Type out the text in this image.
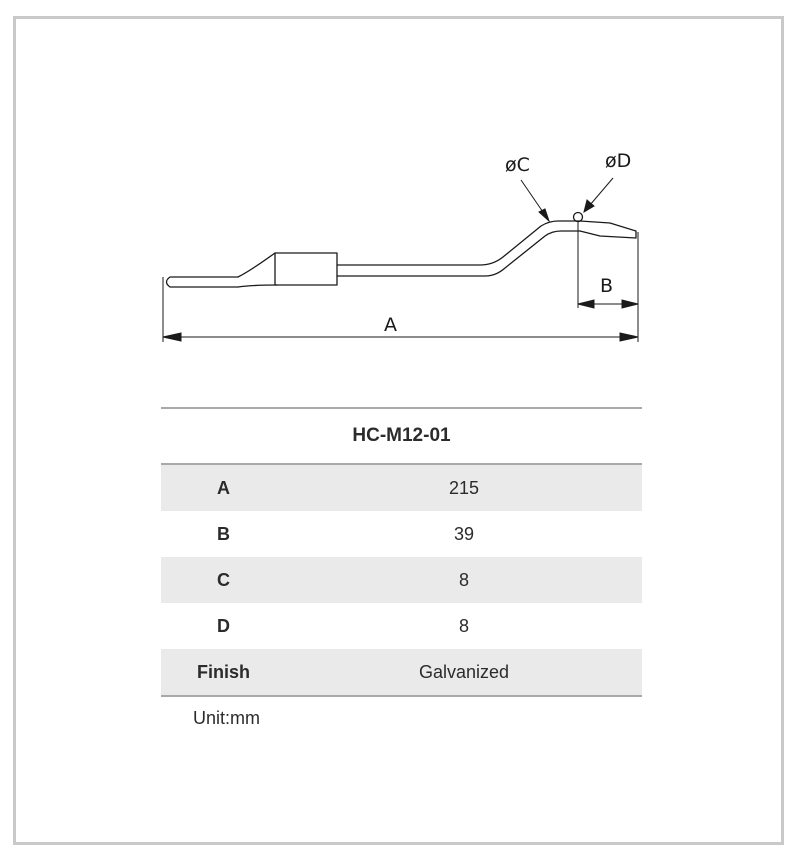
A
B
øC	øD

HC-M12-01	
A	215
B	39
C	8
D	8
Finish	Galvanized
Unit:mm
